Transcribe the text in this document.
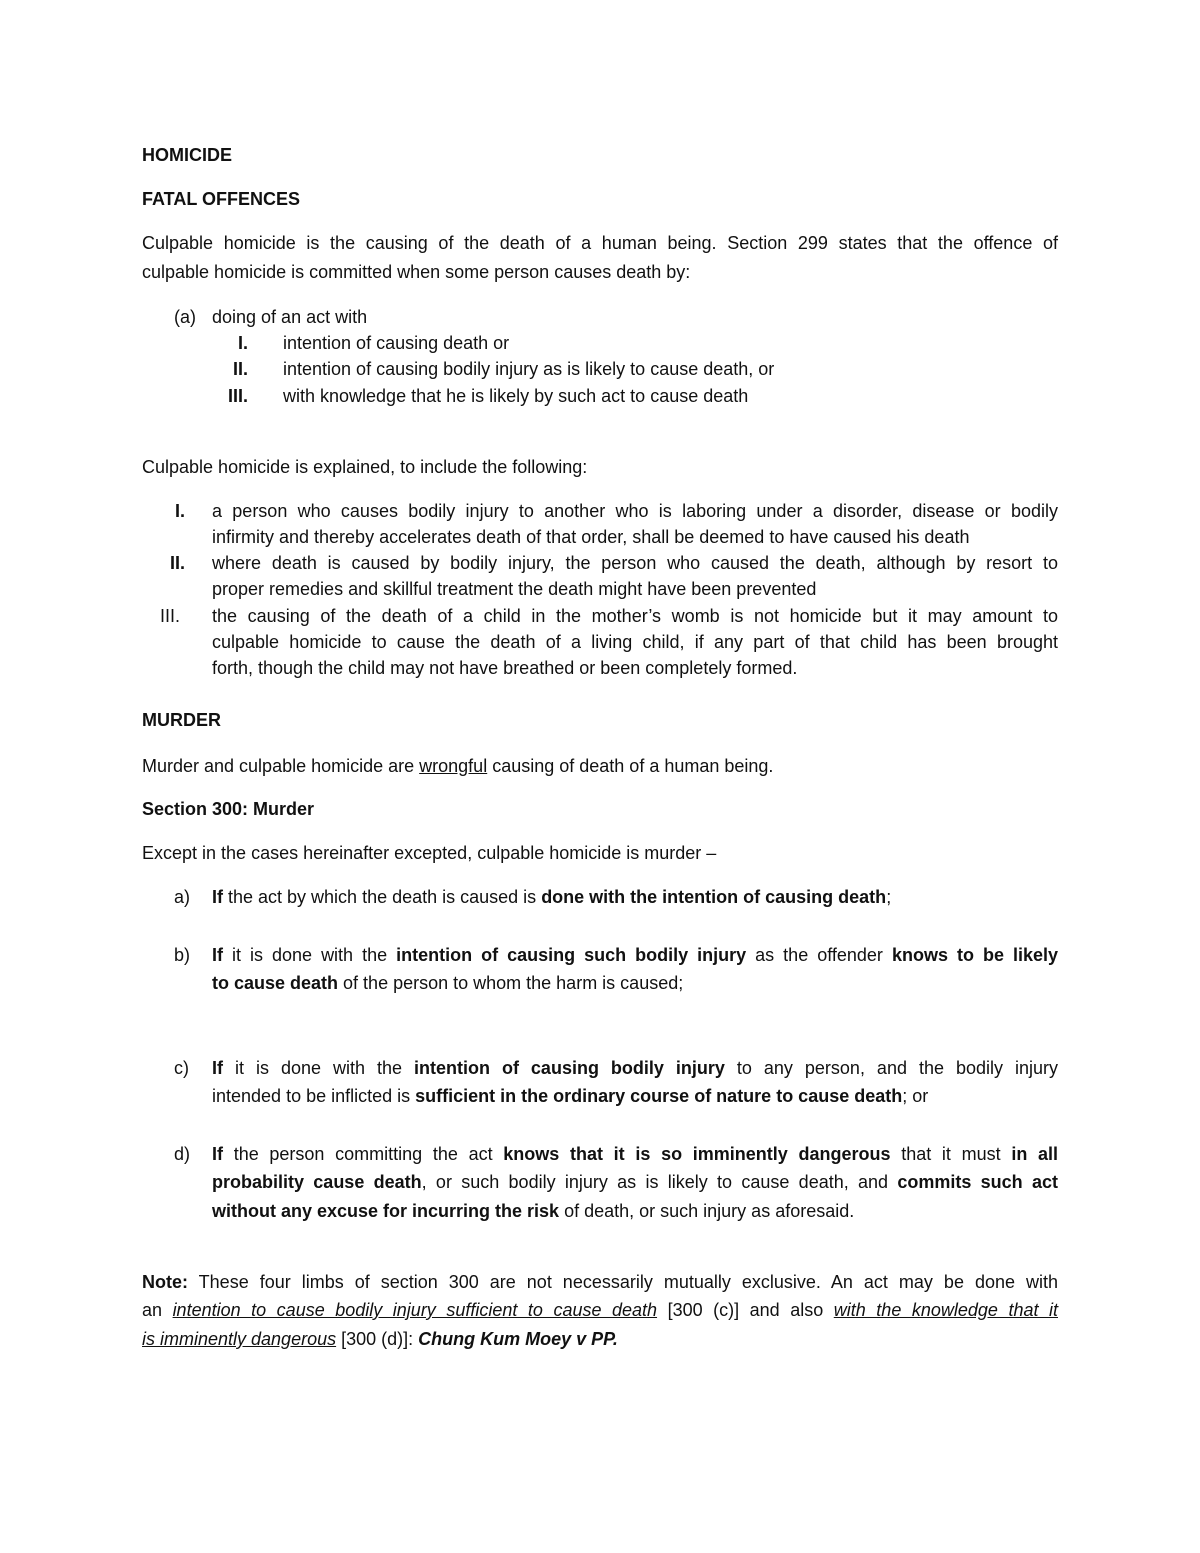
HOMICIDE
FATAL OFFENCES
Culpable homicide is the causing of the death of a human being. Section 299 states that the offence of
culpable homicide is committed when some person causes death by:
(a) doing of an act with
I. intention of causing death or
II. intention of causing bodily injury as is likely to cause death, or
III. with knowledge that he is likely by such act to cause death
Culpable homicide is explained, to include the following:
I. a person who causes bodily injury to another who is laboring under a disorder, disease or bodily
infirmity and thereby accelerates death of that order, shall be deemed to have caused his death
II. where death is caused by bodily injury, the person who caused the death, although by resort to
proper remedies and skillful treatment the death might have been prevented
III. the causing of the death of a child in the mother’s womb is not homicide but it may amount to
culpable homicide to cause the death of a living child, if any part of that child has been brought
forth, though the child may not have breathed or been completely formed.
MURDER
Murder and culpable homicide are wrongful causing of death of a human being.
Section 300: Murder
Except in the cases hereinafter excepted, culpable homicide is murder –
a) If the act by which the death is caused is done with the intention of causing death;
b) If it is done with the intention of causing such bodily injury as the offender knows to be likely
to cause death of the person to whom the harm is caused;
c) If it is done with the intention of causing bodily injury to any person, and the bodily injury
intended to be inflicted is sufficient in the ordinary course of nature to cause death; or
d) If the person committing the act knows that it is so imminently dangerous that it must in all
probability cause death, or such bodily injury as is likely to cause death, and commits such act
without any excuse for incurring the risk of death, or such injury as aforesaid.
Note: These four limbs of section 300 are not necessarily mutually exclusive. An act may be done with
an intention to cause bodily injury sufficient to cause death [300 (c)] and also with the knowledge that it
is imminently dangerous [300 (d)]: Chung Kum Moey v PP.
